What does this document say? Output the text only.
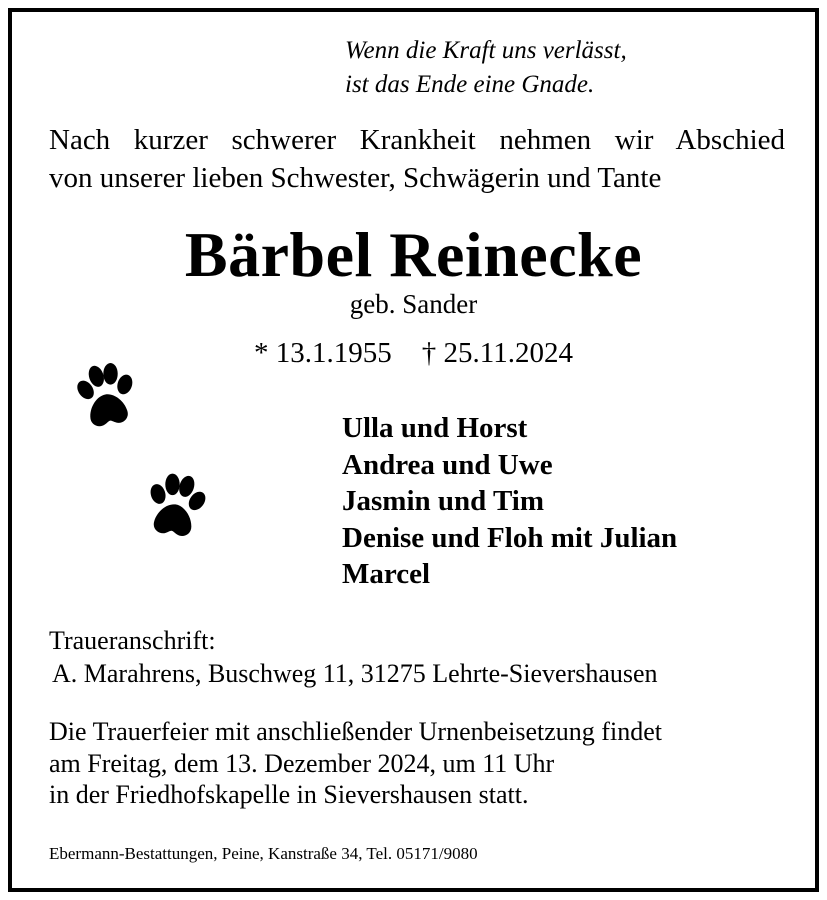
Wenn die Kraft uns verlässt,
ist das Ende eine Gnade.
Nach kurzer schwerer Krankheit nehmen wir Abschied
von unserer lieben Schwester, Schwägerin und Tante
Bärbel Reinecke
geb. Sander
* 13.1.1955 † 25.11.2024
Ulla und Horst
Andrea und Uwe
Jasmin und Tim
Denise und Floh mit Julian
Marcel
Traueranschrift:
A. Marahrens, Buschweg 11, 31275 Lehrte-Sievershausen
Die Trauerfeier mit anschließender Urnenbeisetzung findet
am Freitag, dem 13. Dezember 2024, um 11 Uhr
in der Friedhofskapelle in Sievershausen statt.
Ebermann-Bestattungen, Peine, Kanstraße 34, Tel. 05171/9080
